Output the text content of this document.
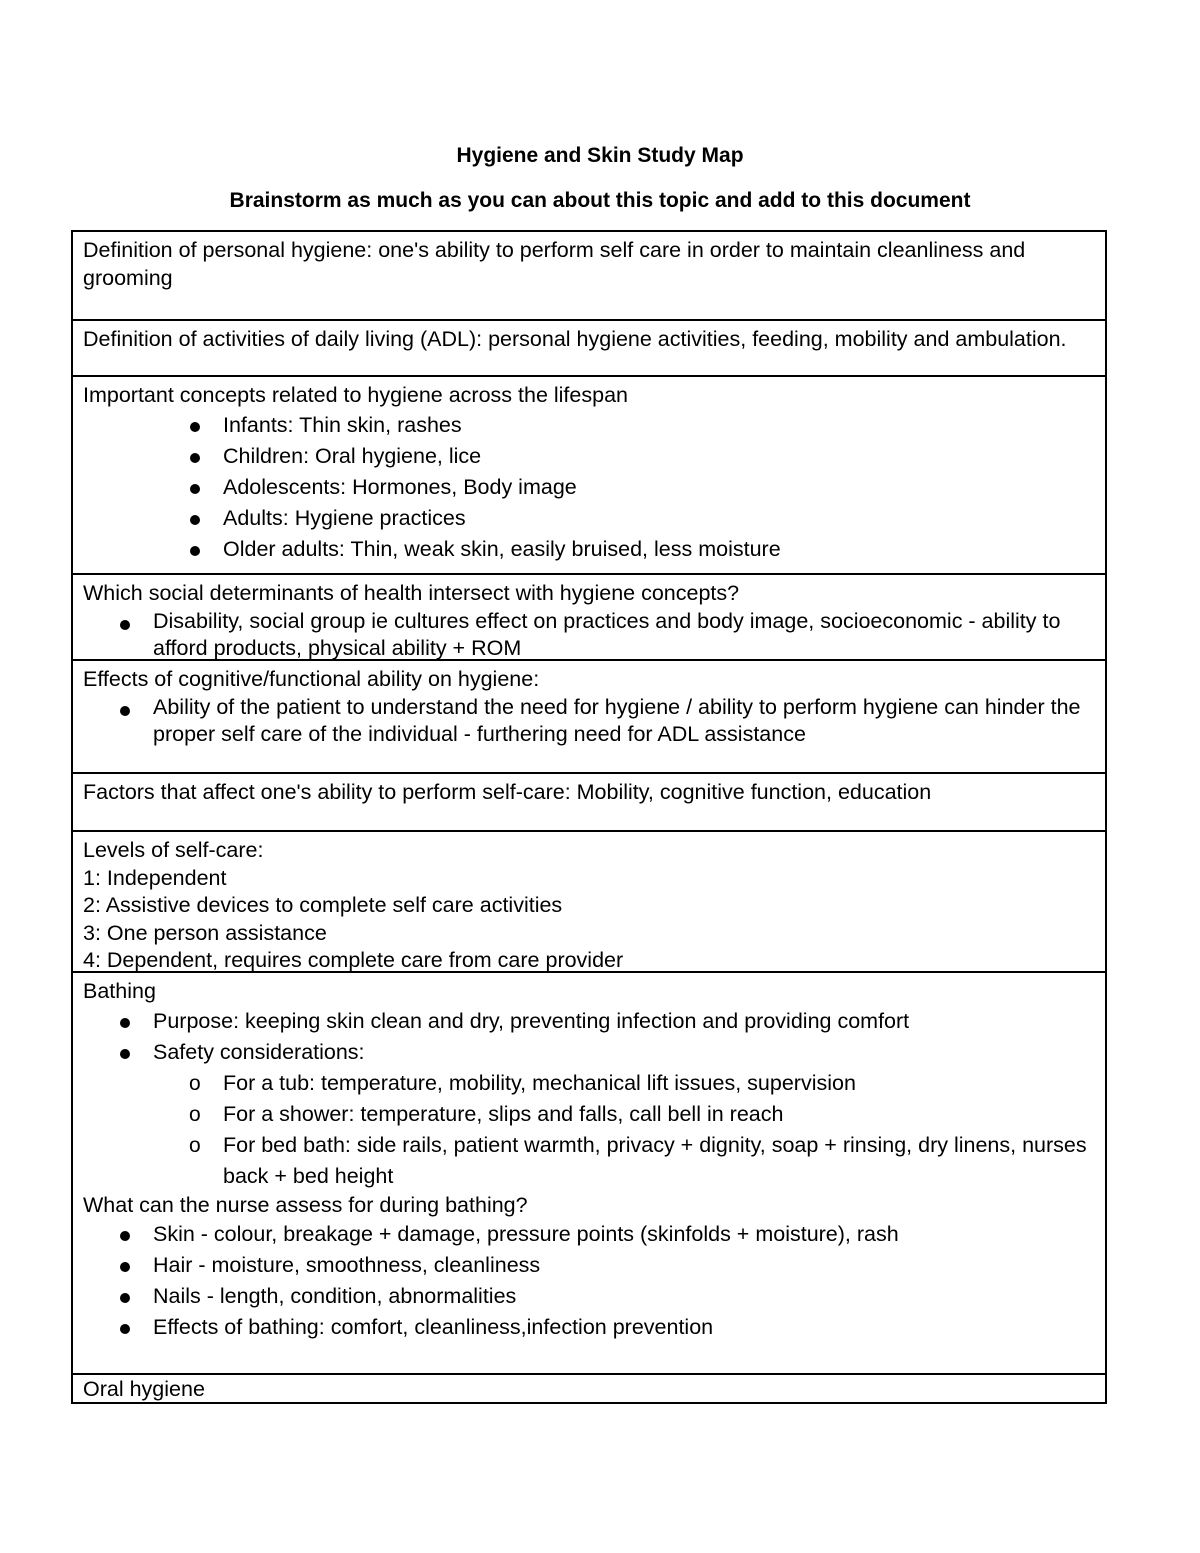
Hygiene and Skin Study Map
Brainstorm as much as you can about this topic and add to this document
Definition of personal hygiene: one's ability to perform self care in order to maintain cleanliness and grooming
Definition of activities of daily living (ADL): personal hygiene activities, feeding, mobility and ambulation.
Important concepts related to hygiene across the lifespan
Infants: Thin skin, rashes
Children: Oral hygiene, lice
Adolescents: Hormones, Body image
Adults: Hygiene practices
Older adults: Thin, weak skin, easily bruised, less moisture
Which social determinants of health intersect with hygiene concepts?
Disability, social group ie cultures effect on practices and body image, socioeconomic - ability to afford products, physical ability + ROM
Effects of cognitive/functional ability on hygiene:
Ability of the patient to understand the need for hygiene / ability to perform hygiene can hinder the proper self care of the individual - furthering need for ADL assistance
Factors that affect one's ability to perform self-care: Mobility, cognitive function, education
Levels of self-care:
1: Independent
2: Assistive devices to complete self care activities
3: One person assistance
4: Dependent, requires complete care from care provider
Bathing
Purpose: keeping skin clean and dry, preventing infection and providing comfort
Safety considerations:
o For a tub: temperature, mobility, mechanical lift issues, supervision
o For a shower: temperature, slips and falls, call bell in reach
o For bed bath: side rails, patient warmth, privacy + dignity, soap + rinsing, dry linens, nurses back + bed height
What can the nurse assess for during bathing?
Skin - colour, breakage + damage, pressure points (skinfolds + moisture), rash
Hair - moisture, smoothness, cleanliness
Nails - length, condition, abnormalities
Effects of bathing: comfort, cleanliness,infection prevention
Oral hygiene
